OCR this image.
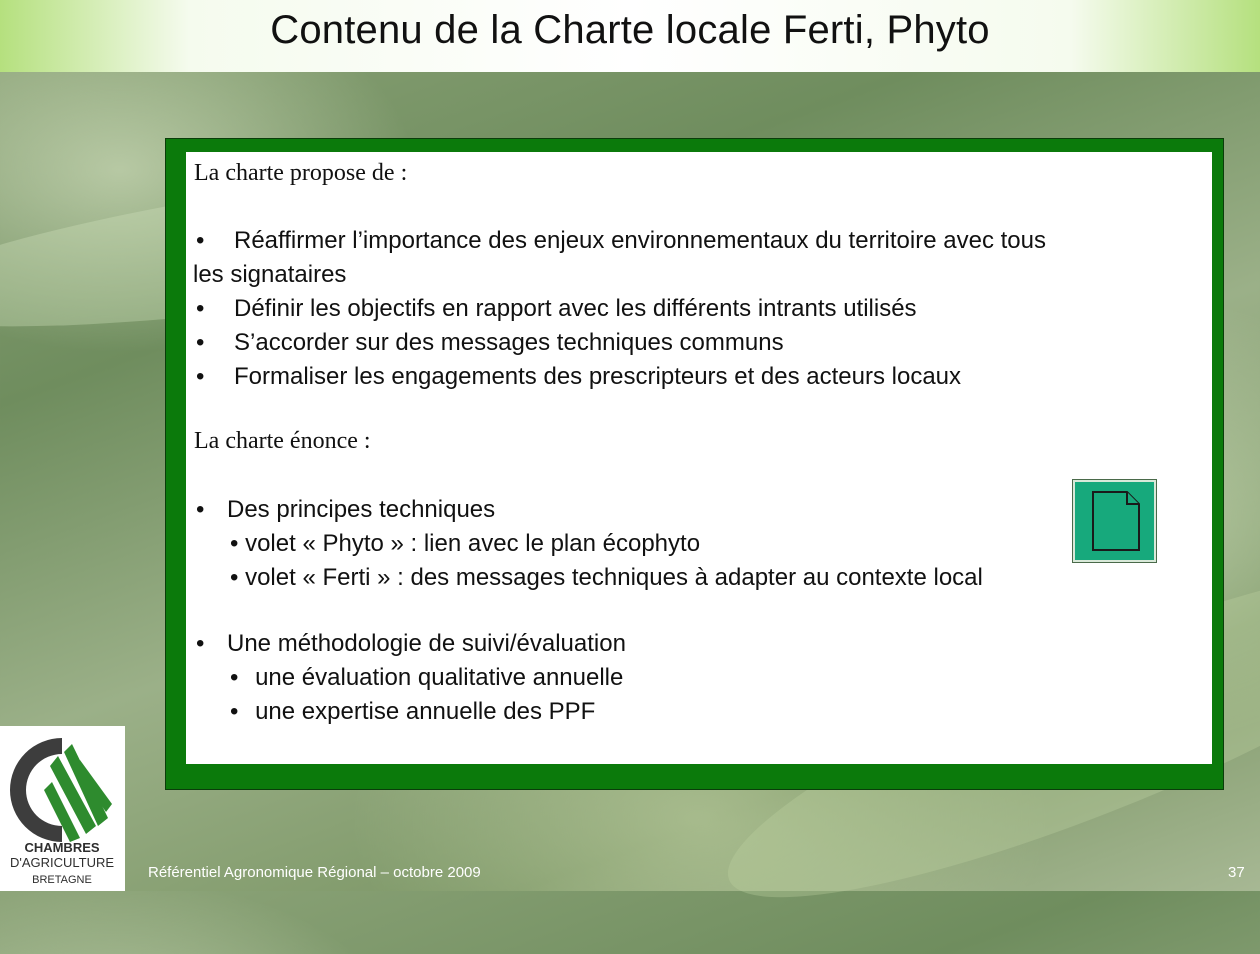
Contenu de la Charte locale Ferti, Phyto
La charte propose de :
• Réaffirmer l’importance des enjeux environnementaux du territoire avec tous
les signataires
• Définir les objectifs en rapport avec les différents intrants utilisés
• S’accorder sur des messages techniques communs
• Formaliser les engagements des prescripteurs et des acteurs locaux
La charte énonce :
• Des principes techniques
• volet « Phyto » : lien avec le plan écophyto
• volet « Ferti » : des messages techniques à adapter au contexte local
• Une méthodologie de suivi/évaluation
• une évaluation qualitative annuelle
• une expertise annuelle des PPF
CHAMBRES
D'AGRICULTURE
BRETAGNE	Référentiel Agronomique Régional – octobre 2009	37
